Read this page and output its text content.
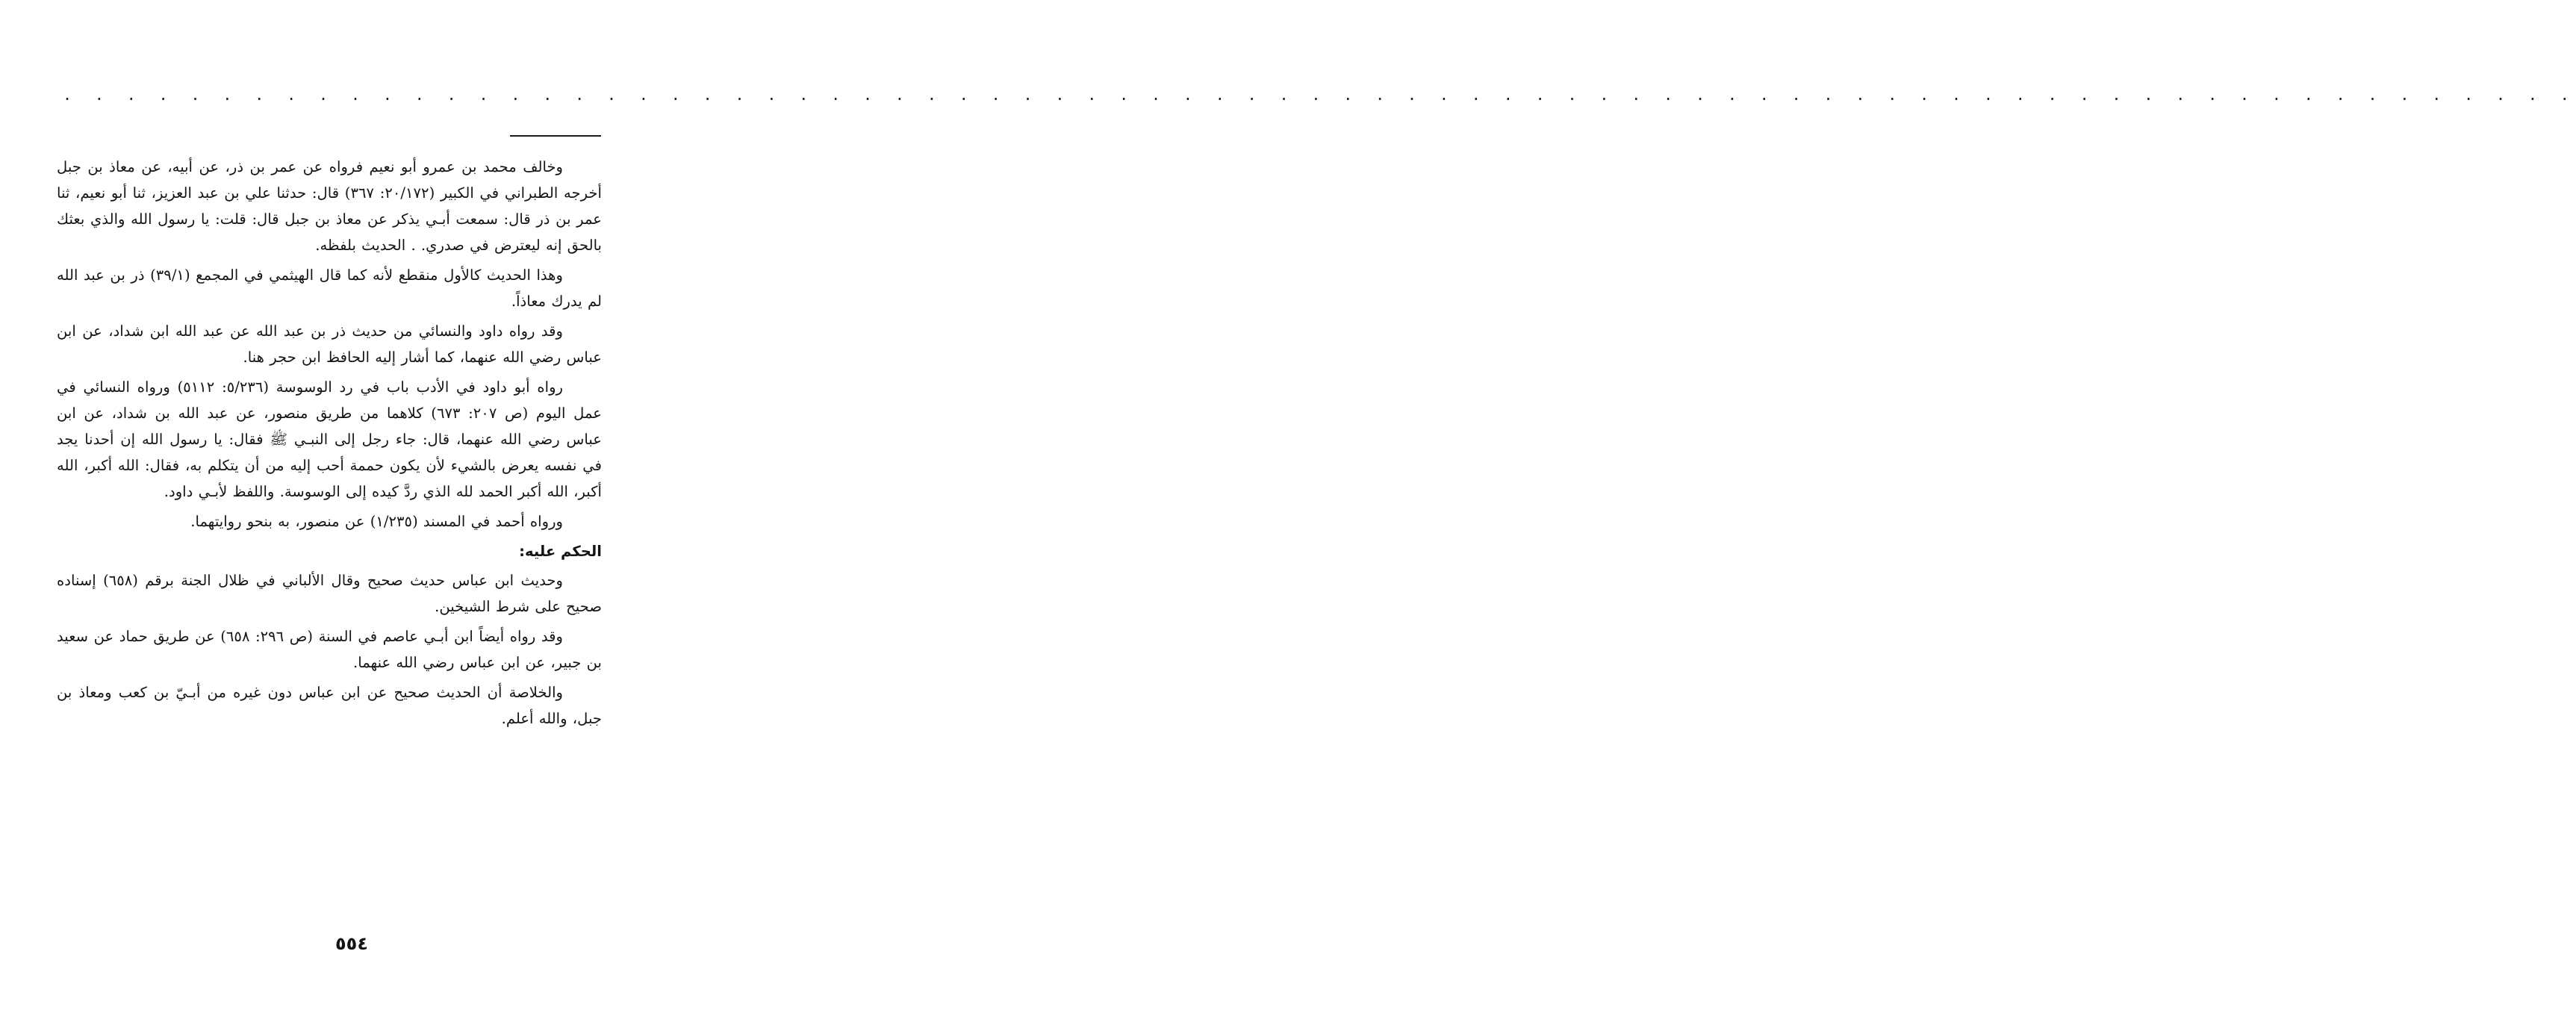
. . . . . . . . . . . . . . . . . . . . . . . . . . . . . . . . . . . . . . . . . . . . . . . . . . . . . . . . . . . . . . . . . . . . . . . . . . . . . . .

وخالف محمد بن عمرو أبو نعيم فرواه عن عمر بن ذر، عن أبيه، عن معاذ بن جبل أخرجه الطبراني في الكبير (٢٠/١٧٢: ٣٦٧) قال: حدثنا علي بن عبد العزيز، ثنا أبو نعيم، ثنا عمر بن ذر قال: سمعت أبـي يذكر عن معاذ بن جبل قال: قلت: يا رسول الله والذي بعثك بالحق إنه ليعترض في صدري. . الحديث بلفظه.

وهذا الحديث كالأول منقطع لأنه كما قال الهيثمي في المجمع (٣٩/١) ذر بن عبد الله لم يدرك معاذاً.

وقد رواه داود والنسائي من حديث ذر بن عبد الله عن عبد الله ابن شداد، عن ابن عباس رضي الله عنهما، كما أشار إليه الحافظ ابن حجر هنا.

رواه أبو داود في الأدب باب في رد الوسوسة (٥/٢٣٦: ٥١١٢) ورواه النسائي في عمل اليوم (ص ٢٠٧: ٦٧٣) كلاهما من طريق منصور، عن عبد الله بن شداد، عن ابن عباس رضي الله عنهما، قال: جاء رجل إلى النبـي ﷺ فقال: يا رسول الله إن أحدنا يجد في نفسه يعرض بالشيء لأن يكون حممة أحب إليه من أن يتكلم به، فقال: الله أكبر، الله أكبر، الله أكبر الحمد لله الذي ردَّ كيده إلى الوسوسة. واللفظ لأبـي داود.

ورواه أحمد في المسند (١/٢٣٥) عن منصور، به بنحو روايتهما.

الحكم عليه:

وحديث ابن عباس حديث صحيح وقال الألباني في ظلال الجنة برقم (٦٥٨) إسناده صحيح على شرط الشيخين.

وقد رواه أيضاً ابن أبـي عاصم في السنة (ص ٢٩٦: ٦٥٨) عن طريق حماد عن سعيد بن جبير، عن ابن عباس رضي الله عنهما.

والخلاصة أن الحديث صحيح عن ابن عباس دون غيره من أبـيّ بن كعب ومعاذ بن جبل، والله أعلم.

٥٥٤
